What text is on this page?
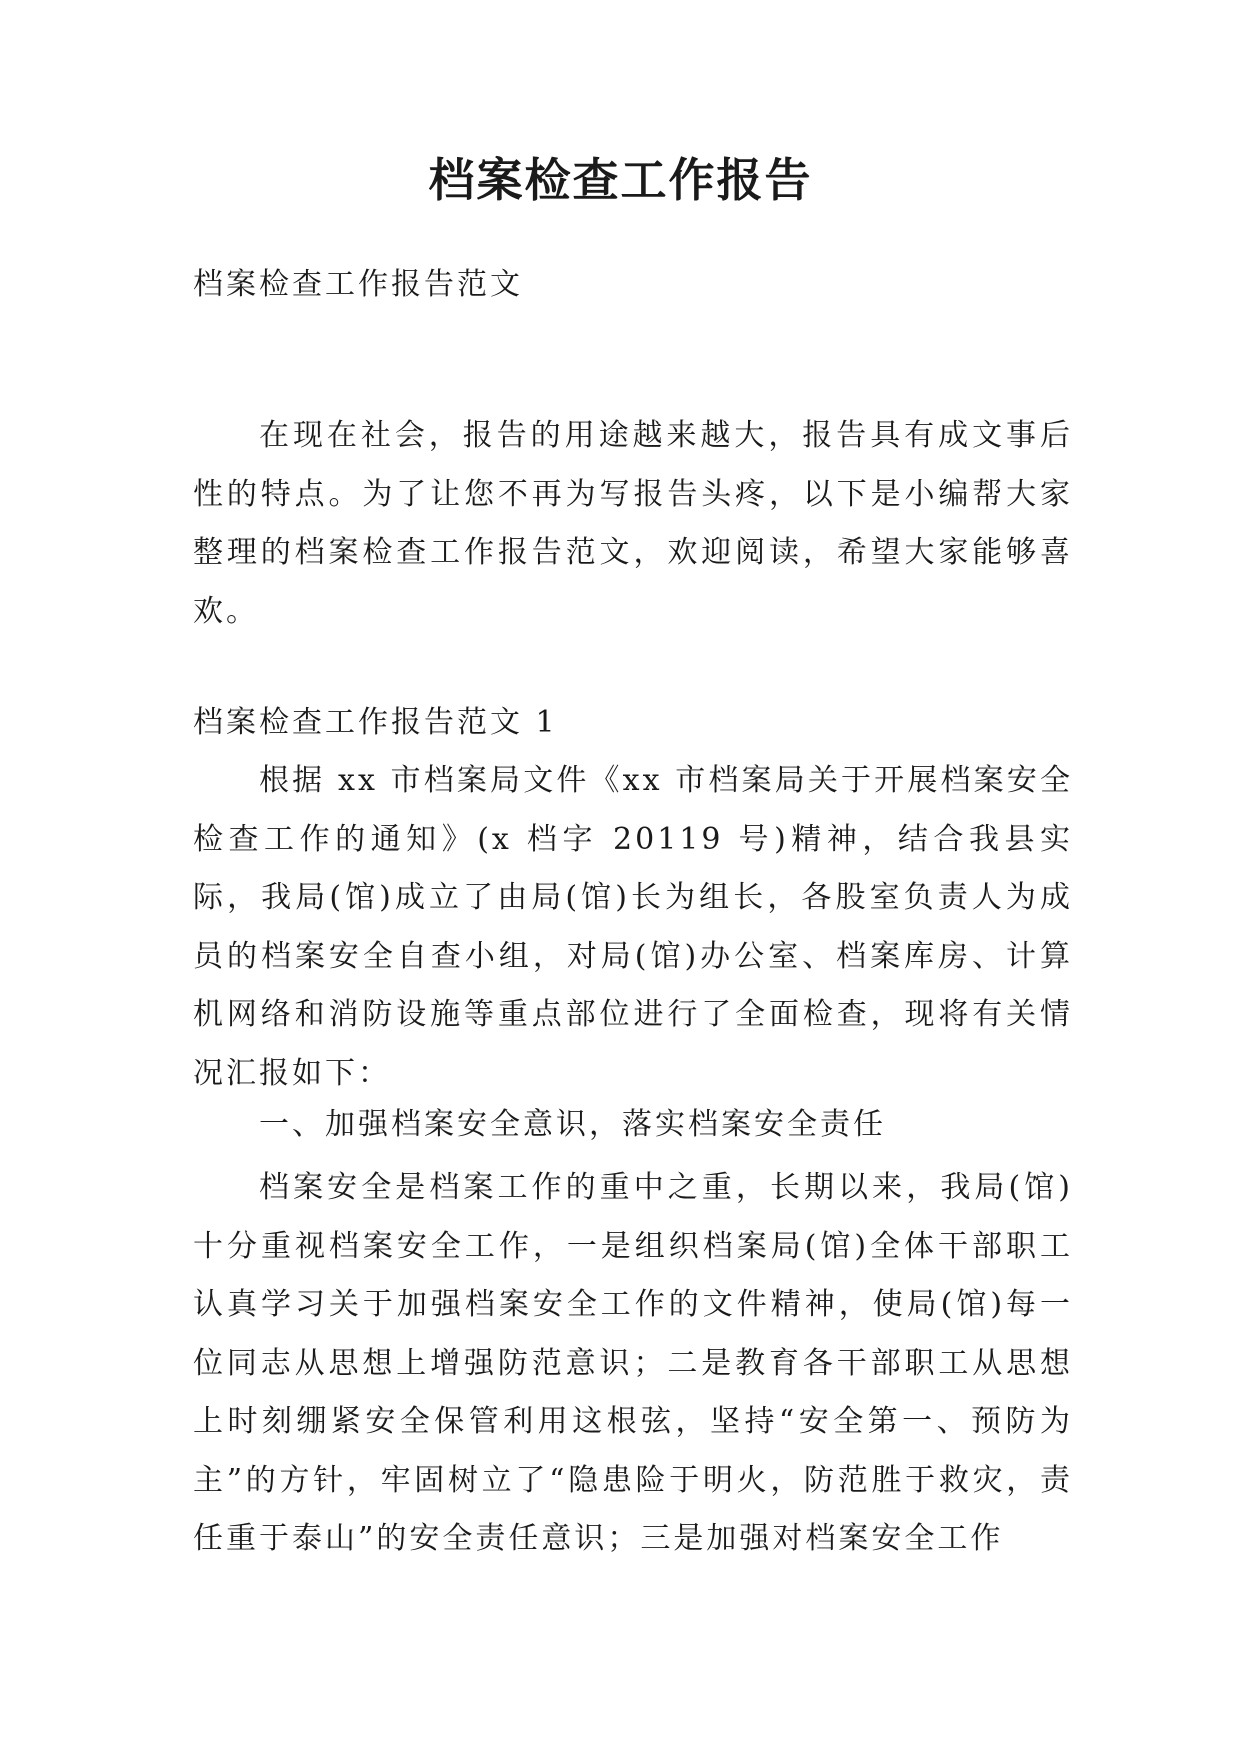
档案检查工作报告

档案检查工作报告范文

在现在社会，报告的用途越来越大，报告具有成文事后性的特点。为了让您不再为写报告头疼，以下是小编帮大家整理的档案检查工作报告范文，欢迎阅读，希望大家能够喜欢。

档案检查工作报告范文 1

根据 xx 市档案局文件《xx 市档案局关于开展档案安全检查工作的通知》(x 档字 20119 号)精神，结合我县实际，我局(馆)成立了由局(馆)长为组长，各股室负责人为成员的档案安全自查小组，对局(馆)办公室、档案库房、计算机网络和消防设施等重点部位进行了全面检查，现将有关情况汇报如下：

一、加强档案安全意识，落实档案安全责任

档案安全是档案工作的重中之重，长期以来，我局(馆)十分重视档案安全工作，一是组织档案局(馆)全体干部职工认真学习关于加强档案安全工作的文件精神，使局(馆)每一位同志从思想上增强防范意识；二是教育各干部职工从思想上时刻绷紧安全保管利用这根弦，坚持“安全第一、预防为主”的方针，牢固树立了“隐患险于明火，防范胜于救灾，责任重于泰山”的安全责任意识；三是加强对档案安全工作
